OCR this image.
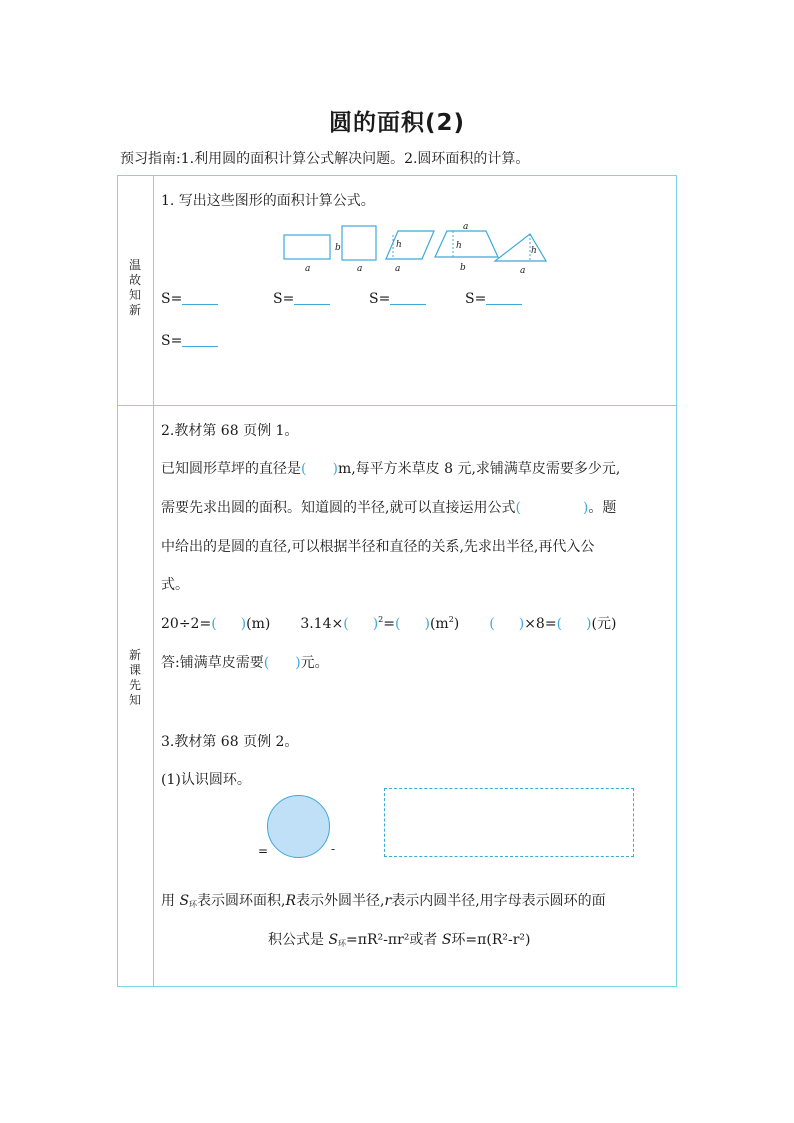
圆的面积(2)
预习指南:1.利用圆的面积计算公式解决问题。2.圆环面积的计算。
温
故
知
新
新
课
先
知
1. 写出这些图形的面积计算公式。
a
b
a
h
a
a
h
b
h
a
S=	S=	S=	S=
S=
2.教材第 68 页例 1。
已知圆形草坪的直径是( )m,每平方米草皮 8 元,求铺满草皮需要多少元,
需要先求出圆的面积。知道圆的半径,就可以直接运用公式(	)。题
中给出的是圆的直径,可以根据半径和直径的关系,先求出半径,再代入公
式。
20÷2=( )(m) 3.14×( )$^2$=( )$(m^2)$ ( )×8=( )(元)
答:铺满草皮需要( )元。
3.教材第 68 页例 2。
(1)认识圆环。
=	-
用 $S_环$表示圆环面积,R表示外圆半径,r表示内圆半径,用字母表示圆环的面
积公式是 $S_环=\pi R^2$-πr²或者 S环=π(R²-r²)
